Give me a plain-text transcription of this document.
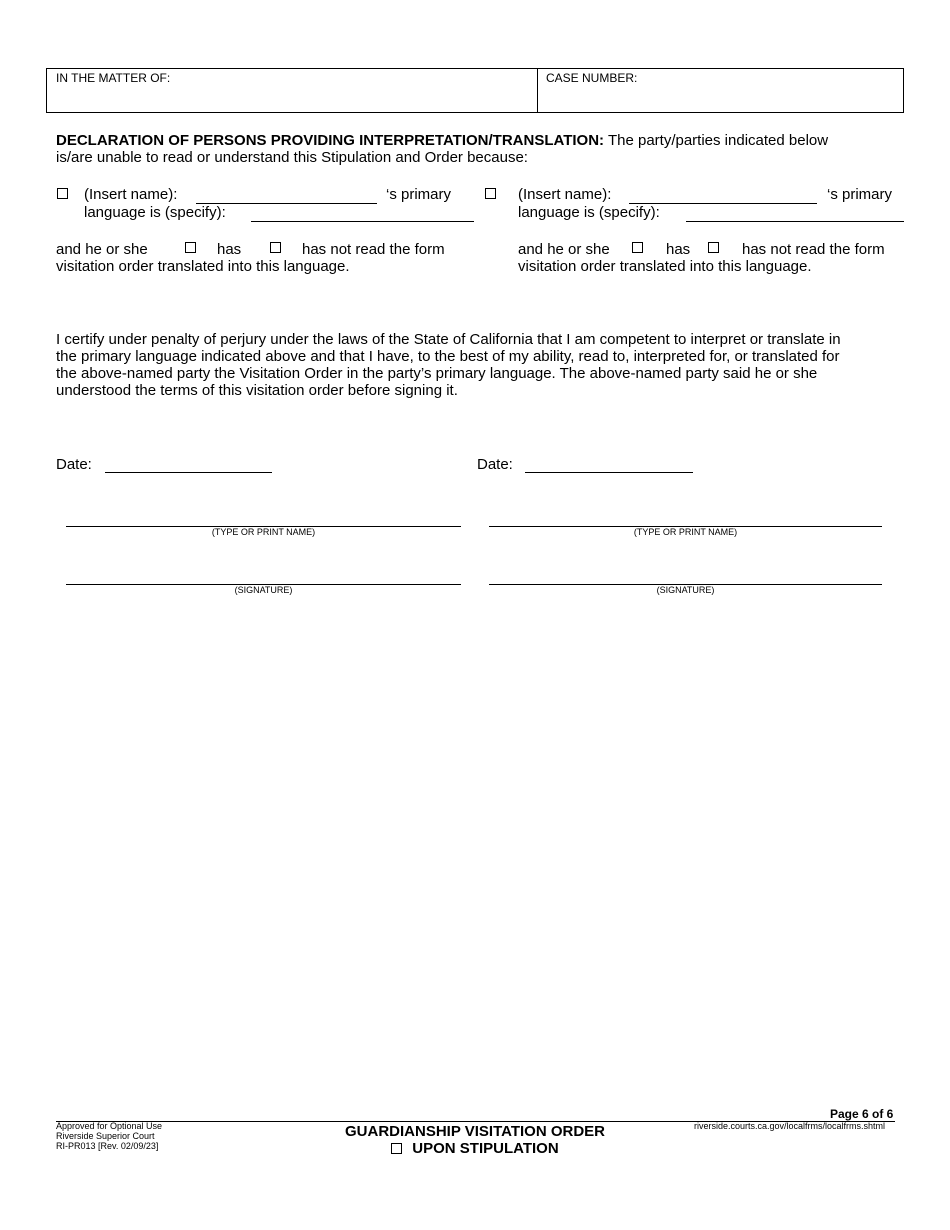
IN THE MATTER OF:	CASE NUMBER:
DECLARATION OF PERSONS PROVIDING INTERPRETATION/TRANSLATION: The party/parties indicated below
is/are unable to read or understand this Stipulation and Order because:
(Insert name):	‘s primary
language is (specify):
and he or she	has	has not read the form
visitation order translated into this language.
(Insert name):	‘s primary
language is (specify):
and he or she	has	has not read the form
visitation order translated into this language.
I certify under penalty of perjury under the laws of the State of California that I am competent to interpret or translate in
the primary language indicated above and that I have, to the best of my ability, read to, interpreted for, or translated for
the above-named party the Visitation Order in the party’s primary language. The above-named party said he or she
understood the terms of this visitation order before signing it.
Date:	Date:
(TYPE OR PRINT NAME)	(TYPE OR PRINT NAME)
(SIGNATURE)	(SIGNATURE)
Page 6 of 6
Approved for Optional Use
Riverside Superior Court
RI-PR013 [Rev. 02/09/23]
GUARDIANSHIP VISITATION ORDER
UPON STIPULATION
riverside.courts.ca.gov/localfrms/localfrms.shtml
